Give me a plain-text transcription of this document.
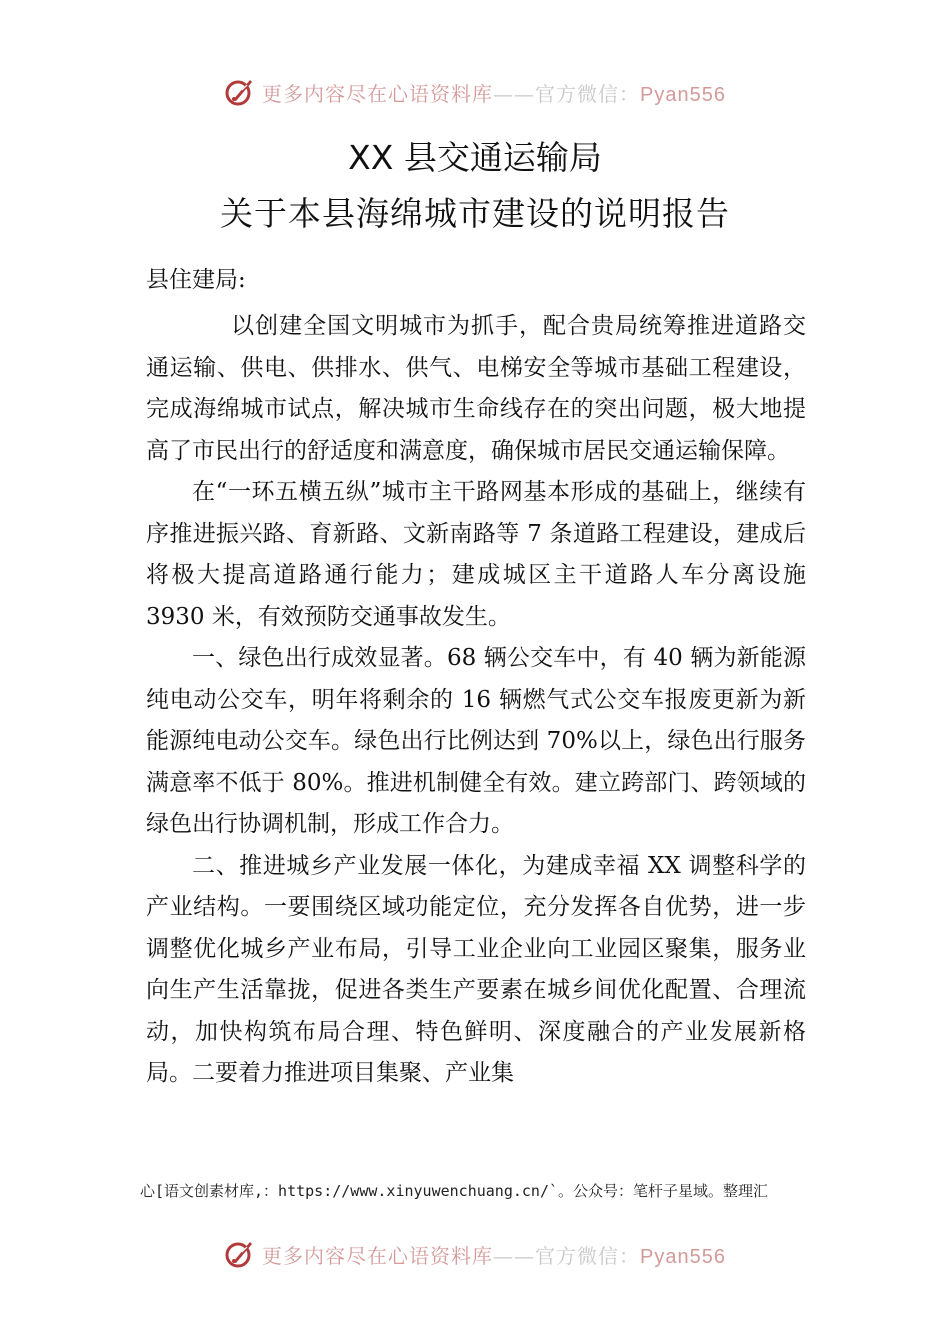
更多内容尽在心语资料库——官方微信：Pyan556
XX 县交通运输局
关于本县海绵城市建设的说明报告
县住建局:

以创建全国文明城市为抓手，配合贵局统筹推进道路交通运输、供电、供排水、供气、电梯安全等城市基础工程建设，完成海绵城市试点，解决城市生命线存在的突出问题，极大地提高了市民出行的舒适度和满意度，确保城市居民交通运输保障。

在“一环五横五纵”城市主干路网基本形成的基础上，继续有序推进振兴路、育新路、文新南路等 7 条道路工程建设，建成后将极大提高道路通行能力；建成城区主干道路人车分离设施 3930 米，有效预防交通事故发生。

一、绿色出行成效显著。68 辆公交车中，有 40 辆为新能源纯电动公交车，明年将剩余的 16 辆燃气式公交车报废更新为新能源纯电动公交车。绿色出行比例达到 70%以上，绿色出行服务满意率不低于 80%。推进机制健全有效。建立跨部门、跨领域的绿色出行协调机制，形成工作合力。

二、推进城乡产业发展一体化，为建成幸福 XX 调整科学的产业结构。一要围绕区域功能定位，充分发挥各自优势，进一步调整优化城乡产业布局，引导工业企业向工业园区聚集，服务业向生产生活靠拢，促进各类生产要素在城乡间优化配置、合理流动，加快构筑布局合理、特色鲜明、深度融合的产业发展新格局。二要着力推进项目集聚、产业集

心[语文创素材库,：https://www.xinyuwenchuang.cn/`。公众号：笔杆子星域。整理汇
更多内容尽在心语资料库——官方微信：Pyan556
